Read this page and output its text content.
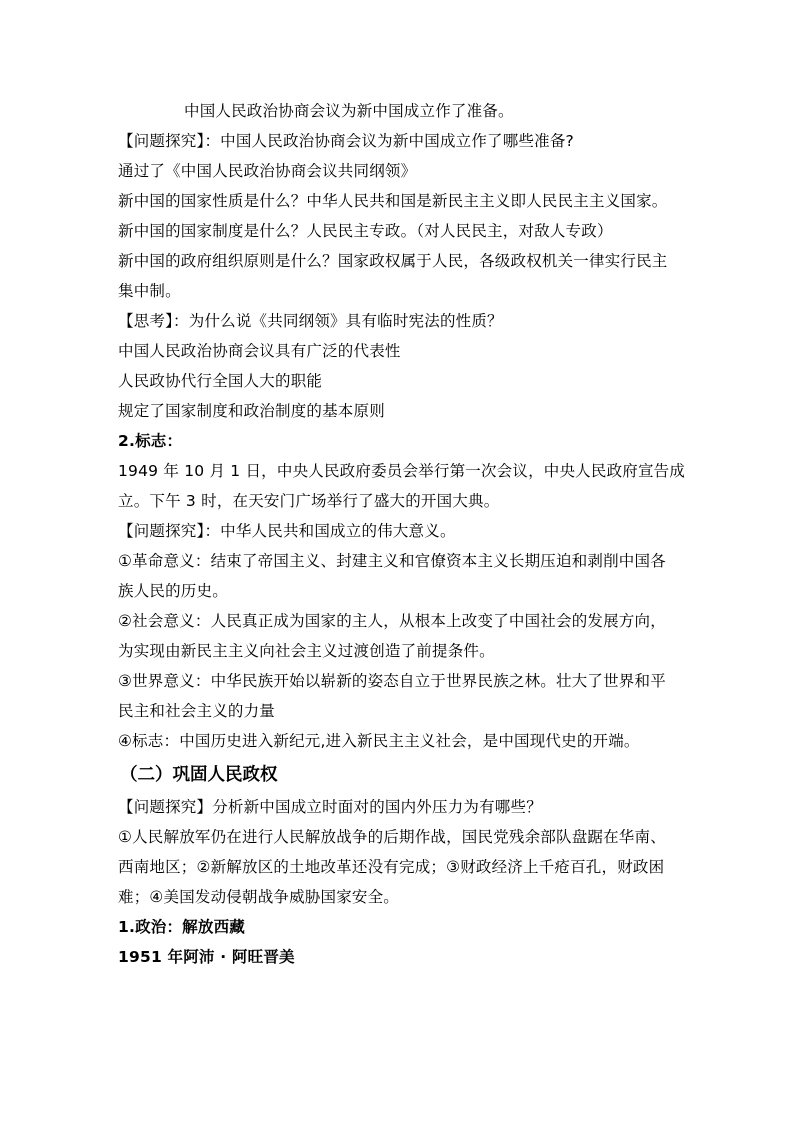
中国人民政治协商会议为新中国成立作了准备。
【问题探究】：中国人民政治协商会议为新中国成立作了哪些准备?
通过了《中国人民政治协商会议共同纲领》
新中国的国家性质是什么？中华人民共和国是新民主主义即人民民主主义国家。
新中国的国家制度是什么？人民民主专政。（对人民民主，对敌人专政）
新中国的政府组织原则是什么？国家政权属于人民，各级政权机关一律实行民主
集中制。
【思考】：为什么说《共同纲领》具有临时宪法的性质？
中国人民政治协商会议具有广泛的代表性
人民政协代行全国人大的职能
规定了国家制度和政治制度的基本原则
2.标志：
1949 年 10 月 1 日，中央人民政府委员会举行第一次会议，中央人民政府宣告成
立。下午 3 时，在天安门广场举行了盛大的开国大典。
【问题探究】：中华人民共和国成立的伟大意义。
①革命意义：结束了帝国主义、封建主义和官僚资本主义长期压迫和剥削中国各
族人民的历史。
②社会意义：人民真正成为国家的主人，从根本上改变了中国社会的发展方向，
为实现由新民主主义向社会主义过渡创造了前提条件。
③世界意义：中华民族开始以崭新的姿态自立于世界民族之林。壮大了世界和平
民主和社会主义的力量
④标志：中国历史进入新纪元,进入新民主主义社会，是中国现代史的开端。
（二）巩固人民政权
【问题探究】分析新中国成立时面对的国内外压力为有哪些？
①人民解放军仍在进行人民解放战争的后期作战，国民党残余部队盘踞在华南、
西南地区；②新解放区的土地改革还没有完成；③财政经济上千疮百孔，财政困
难；④美国发动侵朝战争威胁国家安全。
1.政治：解放西藏
1951 年阿沛 · 阿旺晋美
